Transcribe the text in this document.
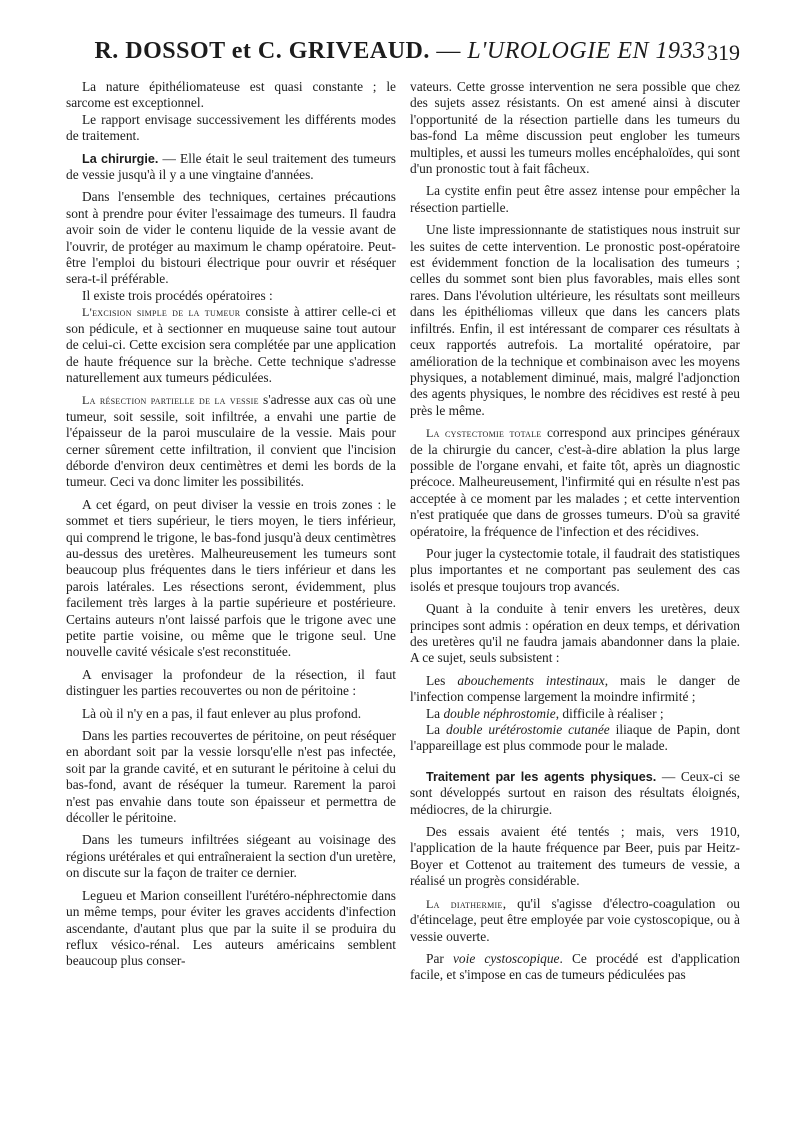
R. DOSSOT et C. GRIVEAUD. — L'UROLOGIE EN 1933 319

La nature épithéliomateuse est quasi constante ; le sarcome est exceptionnel.

Le rapport envisage successivement les différents modes de traitement.

La chirurgie. — Elle était le seul traitement des tumeurs de vessie jusqu'à il y a une vingtaine d'années.

Dans l'ensemble des techniques, certaines précautions sont à prendre pour éviter l'essaimage des tumeurs. Il faudra avoir soin de vider le contenu liquide de la vessie avant de l'ouvrir, de protéger au maximum le champ opératoire. Peut-être l'emploi du bistouri électrique pour ouvrir et réséquer sera-t-il préférable.

Il existe trois procédés opératoires :

L'excision simple de la tumeur consiste à attirer celle-ci et son pédicule, et à sectionner en muqueuse saine tout autour de celui-ci. Cette excision sera complétée par une application de haute fréquence sur la brèche. Cette technique s'adresse naturellement aux tumeurs pédiculées.

La résection partielle de la vessie s'adresse aux cas où une tumeur, soit sessile, soit infiltrée, a envahi une partie de l'épaisseur de la paroi musculaire de la vessie. Mais pour cerner sûrement cette infiltration, il convient que l'incision déborde d'environ deux centimètres et demi les bords de la tumeur. Ceci va donc limiter les possibilités.

A cet égard, on peut diviser la vessie en trois zones : le sommet et tiers supérieur, le tiers moyen, le tiers inférieur, qui comprend le trigone, le bas-fond jusqu'à deux centimètres au-dessus des uretères. Malheureusement les tumeurs sont beaucoup plus fréquentes dans le tiers inférieur et dans les parois latérales. Les résections seront, évidemment, plus facilement très larges à la partie supérieure et postérieure. Certains auteurs n'ont laissé parfois que le trigone avec une petite partie voisine, ou même que le trigone seul. Une nouvelle cavité vésicale s'est reconstituée.

A envisager la profondeur de la résection, il faut distinguer les parties recouvertes ou non de péritoine :

Là où il n'y en a pas, il faut enlever au plus profond.

Dans les parties recouvertes de péritoine, on peut réséquer en abordant soit par la vessie lorsqu'elle n'est pas infectée, soit par la grande cavité, et en suturant le péritoine à celui du bas-fond, avant de réséquer la tumeur. Rarement la paroi n'est pas envahie dans toute son épaisseur et permettra de décoller le péritoine.

Dans les tumeurs infiltrées siégeant au voisinage des régions urétérales et qui entraîneraient la section d'un uretère, on discute sur la façon de traiter ce dernier.

Legueu et Marion conseillent l'urétéro-néphrectomie dans un même temps, pour éviter les graves accidents d'infection ascendante, d'autant plus que par la suite il se produira du reflux vésico-rénal. Les auteurs américains semblent beaucoup plus conser-

vateurs. Cette grosse intervention ne sera possible que chez des sujets assez résistants. On est amené ainsi à discuter l'opportunité de la résection partielle dans les tumeurs du bas-fond La même discussion peut englober les tumeurs multiples, et aussi les tumeurs molles encéphaloïdes, qui sont d'un pronostic tout à fait fâcheux.

La cystite enfin peut être assez intense pour empêcher la résection partielle.

Une liste impressionnante de statistiques nous instruit sur les suites de cette intervention. Le pronostic post-opératoire est évidemment fonction de la localisation des tumeurs ; celles du sommet sont bien plus favorables, mais elles sont rares. Dans l'évolution ultérieure, les résultats sont meilleurs dans les épithéliomas villeux que dans les cancers plats infiltrés. Enfin, il est intéressant de comparer ces résultats à ceux rapportés autrefois. La mortalité opératoire, par amélioration de la technique et combinaison avec les moyens physiques, a notablement diminué, mais, malgré l'adjonction des agents physiques, le nombre des récidives est resté à peu près le même.

La cystectomie totale correspond aux principes généraux de la chirurgie du cancer, c'est-à-dire ablation la plus large possible de l'organe envahi, et faite tôt, après un diagnostic précoce. Malheureusement, l'infirmité qui en résulte n'est pas acceptée à ce moment par les malades ; et cette intervention n'est pratiquée que dans de grosses tumeurs. D'où sa gravité opératoire, la fréquence de l'infection et des récidives.

Pour juger la cystectomie totale, il faudrait des statistiques plus importantes et ne comportant pas seulement des cas isolés et presque toujours trop avancés.

Quant à la conduite à tenir envers les uretères, deux principes sont admis : opération en deux temps, et dérivation des uretères qu'il ne faudra jamais abandonner dans la plaie. A ce sujet, seuls subsistent :

Les abouchements intestinaux, mais le danger de l'infection compense largement la moindre infirmité ;

La double néphrostomie, difficile à réaliser ;

La double urétérostomie cutanée iliaque de Papin, dont l'appareillage est plus commode pour le malade.

Traitement par les agents physiques. — Ceux-ci se sont développés surtout en raison des résultats éloignés, médiocres, de la chirurgie.

Des essais avaient été tentés ; mais, vers 1910, l'application de la haute fréquence par Beer, puis par Heitz-Boyer et Cottenot au traitement des tumeurs de vessie, a réalisé un progrès considérable.

La diathermie, qu'il s'agisse d'électro-coagulation ou d'étincelage, peut être employée par voie cystoscopique, ou à vessie ouverte.

Par voie cystoscopique. Ce procédé est d'application facile, et s'impose en cas de tumeurs pédiculées pas
